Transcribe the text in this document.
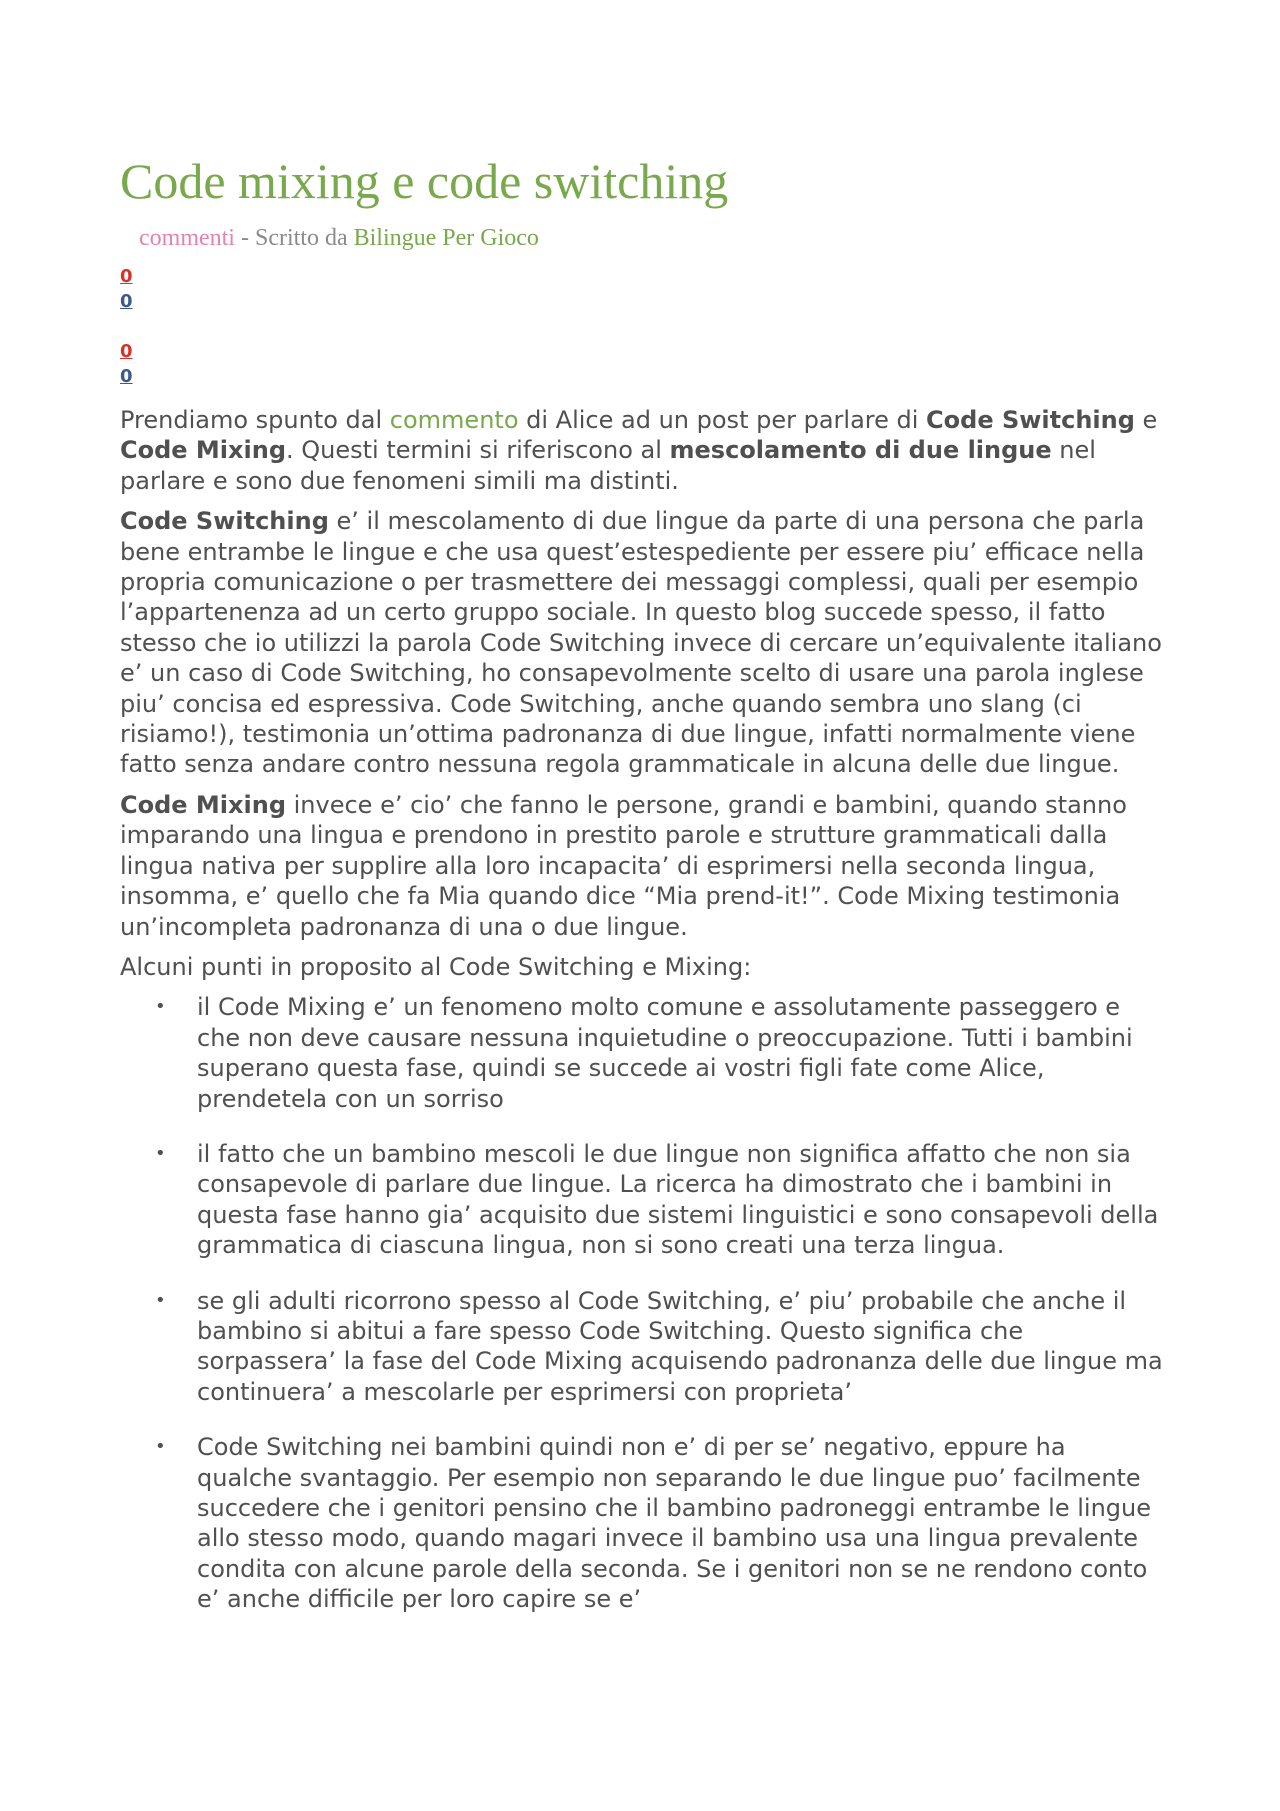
Code mixing e code switching
commenti - Scritto da Bilingue Per Gioco
0
0
0
0

Prendiamo spunto dal commento di Alice ad un post per parlare di Code Switching e Code Mixing. Questi termini si riferiscono al mescolamento di due lingue nel parlare e sono due fenomeni simili ma distinti.

Code Switching e’ il mescolamento di due lingue da parte di una persona che parla bene entrambe le lingue e che usa quest’estespediente per essere piu’ efficace nella propria comunicazione o per trasmettere dei messaggi complessi, quali per esempio l’appartenenza ad un certo gruppo sociale. In questo blog succede spesso, il fatto stesso che io utilizzi la parola Code Switching invece di cercare un’equivalente italiano e’ un caso di Code Switching, ho consapevolmente scelto di usare una parola inglese piu’ concisa ed espressiva. Code Switching, anche quando sembra uno slang (ci risiamo!), testimonia un’ottima padronanza di due lingue, infatti normalmente viene fatto senza andare contro nessuna regola grammaticale in alcuna delle due lingue.

Code Mixing invece e’ cio’ che fanno le persone, grandi e bambini, quando stanno imparando una lingua e prendono in prestito parole e strutture grammaticali dalla lingua nativa per supplire alla loro incapacita’ di esprimersi nella seconda lingua, insomma, e’ quello che fa Mia quando dice “Mia prend-it!”. Code Mixing testimonia un’incompleta padronanza di una o due lingue.

Alcuni punti in proposito al Code Switching e Mixing:

• il Code Mixing e’ un fenomeno molto comune e assolutamente passeggero e che non deve causare nessuna inquietudine o preoccupazione. Tutti i bambini superano questa fase, quindi se succede ai vostri figli fate come Alice, prendetela con un sorriso
• il fatto che un bambino mescoli le due lingue non significa affatto che non sia consapevole di parlare due lingue. La ricerca ha dimostrato che i bambini in questa fase hanno gia’ acquisito due sistemi linguistici e sono consapevoli della grammatica di ciascuna lingua, non si sono creati una terza lingua.
• se gli adulti ricorrono spesso al Code Switching, e’ piu’ probabile che anche il bambino si abitui a fare spesso Code Switching. Questo significa che sorpassera’ la fase del Code Mixing acquisendo padronanza delle due lingue ma continuera’ a mescolarle per esprimersi con proprieta’
• Code Switching nei bambini quindi non e’ di per se’ negativo, eppure ha qualche svantaggio. Per esempio non separando le due lingue puo’ facilmente succedere che i genitori pensino che il bambino padroneggi entrambe le lingue allo stesso modo, quando magari invece il bambino usa una lingua prevalente condita con alcune parole della seconda. Se i genitori non se ne rendono conto e’ anche difficile per loro capire se e’
